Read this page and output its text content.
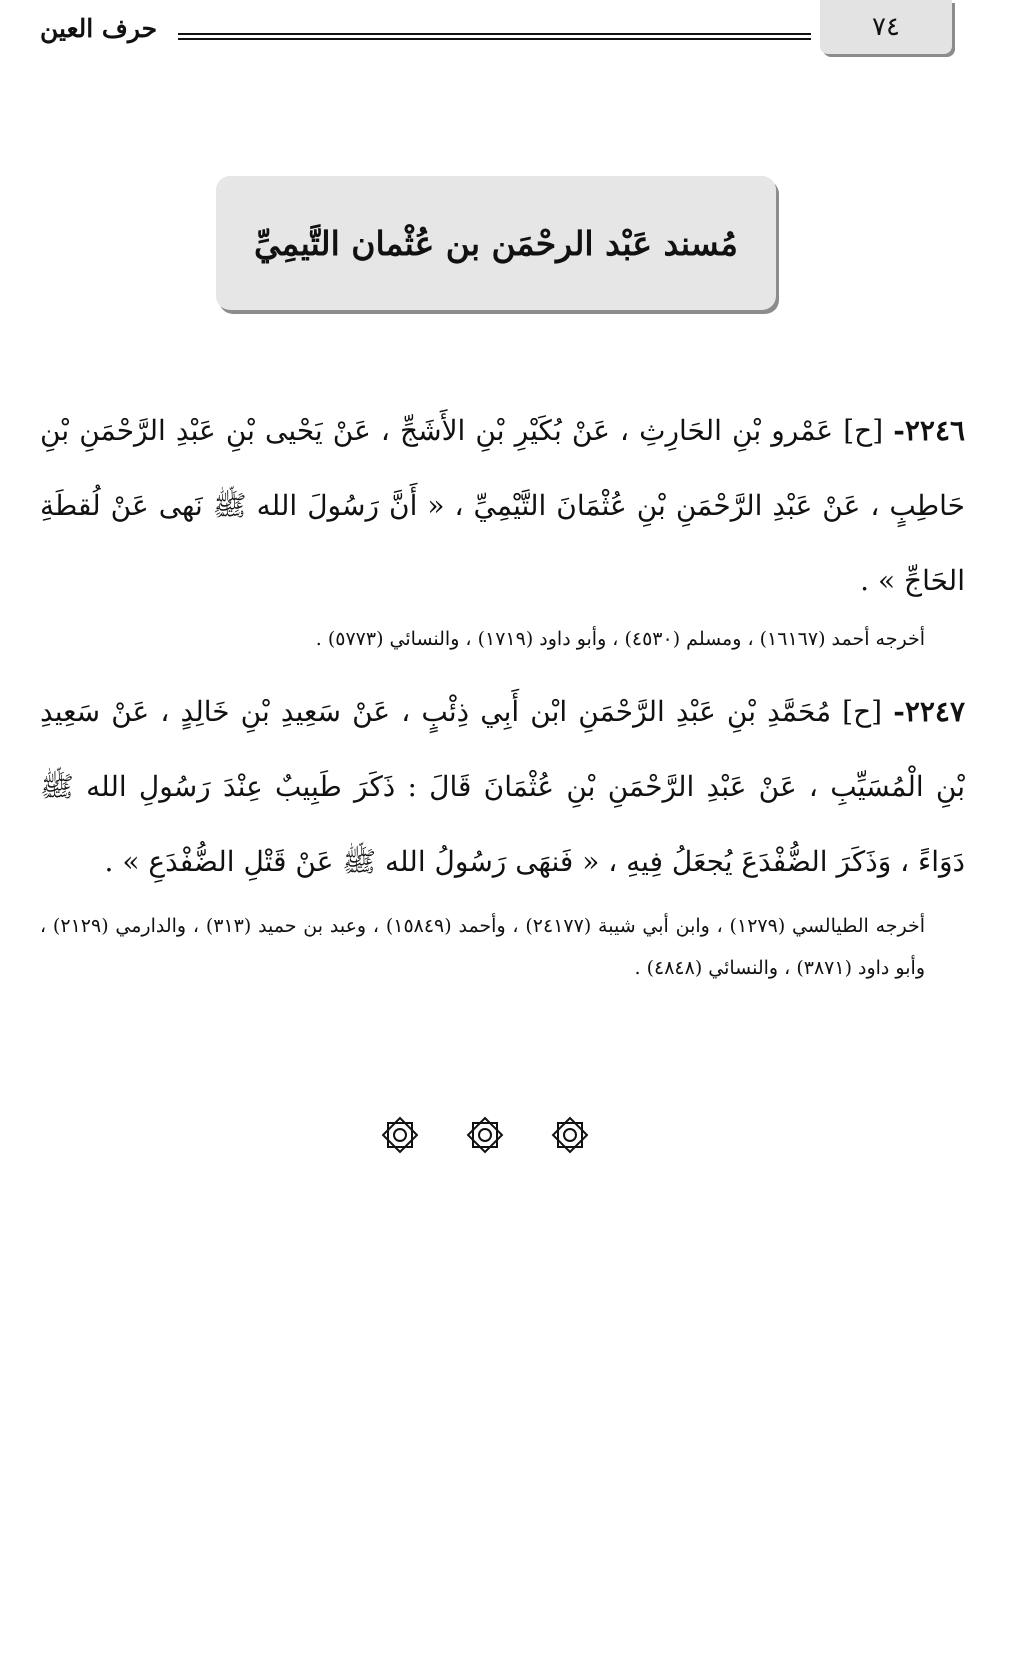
حرف العين	٧٤
مُسند عَبْد الرحْمَن بن عُثْمان التَّيمِيِّ

٢٢٤٦- [ح] عَمْرو بْنِ الحَارِثِ ، عَنْ بُكَيْرِ بْنِ الأَشَجِّ ، عَنْ يَحْيى بْنِ عَبْدِ الرَّحْمَنِ بْنِ حَاطِبٍ ، عَنْ عَبْدِ الرَّحْمَنِ بْنِ عُثْمَانَ التَّيْمِيِّ ، « أَنَّ رَسُولَ الله ﷺ نَهى عَنْ لُقطَةِ الحَاجِّ » .

أخرجه أحمد (١٦١٦٧) ، ومسلم (٤٥٣٠) ، وأبو داود (١٧١٩) ، والنسائي (٥٧٧٣) .

٢٢٤٧- [ح] مُحَمَّدِ بْنِ عَبْدِ الرَّحْمَنِ ابْن أَبِي ذِئْبٍ ، عَنْ سَعِيدِ بْنِ خَالِدٍ ، عَنْ سَعِيدِ بْنِ الْمُسَيِّبِ ، عَنْ عَبْدِ الرَّحْمَنِ بْنِ عُثْمَانَ قَالَ : ذَكَرَ طَبِيبٌ عِنْدَ رَسُولِ الله ﷺ دَوَاءً ، وَذَكَرَ الضُّفْدَعَ يُجعَلُ فِيهِ ، « فَنهَى رَسُولُ الله ﷺ عَنْ قَتْلِ الضُّفْدَعِ » .

أخرجه الطيالسي (١٢٧٩) ، وابن أبي شيبة (٢٤١٧٧) ، وأحمد (١٥٨٤٩) ، وعبد بن حميد (٣١٣) ، والدارمي (٢١٢٩) ، وأبو داود (٣٨٧١) ، والنسائي (٤٨٤٨) .
